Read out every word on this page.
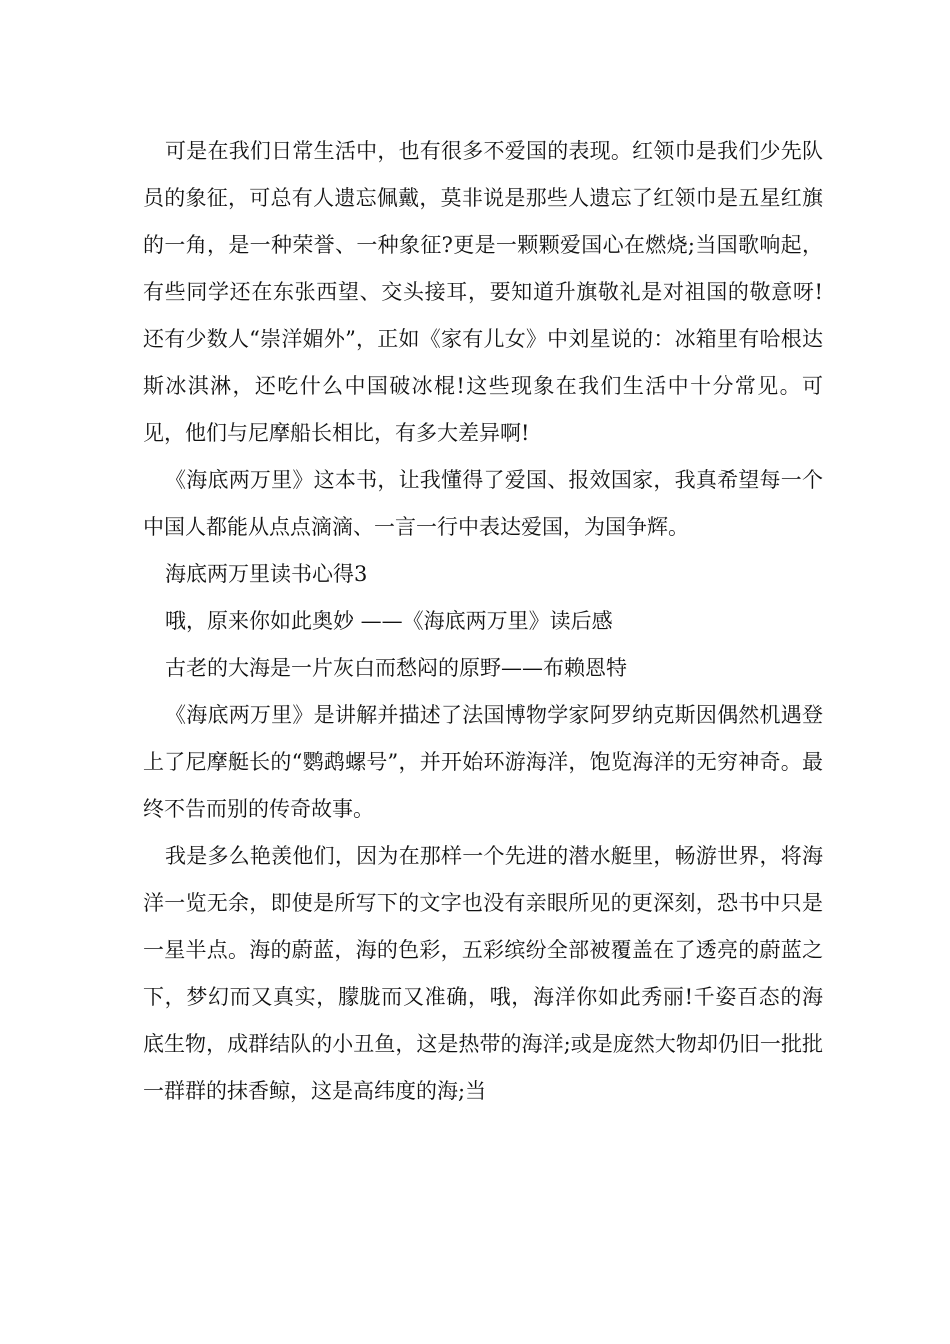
可是在我们日常生活中，也有很多不爱国的表现。红领巾是我们少先队员的象征，可总有人遗忘佩戴，莫非说是那些人遗忘了红领巾是五星红旗的一角，是一种荣誉、一种象征?更是一颗颗爱国心在燃烧;当国歌响起，有些同学还在东张西望、交头接耳，要知道升旗敬礼是对祖国的敬意呀!还有少数人“崇洋媚外”，正如《家有儿女》中刘星说的：冰箱里有哈根达斯冰淇淋，还吃什么中国破冰棍!这些现象在我们生活中十分常见。可见，他们与尼摩船长相比，有多大差异啊!

《海底两万里》这本书，让我懂得了爱国、报效国家，我真希望每一个中国人都能从点点滴滴、一言一行中表达爱国，为国争辉。

海底两万里读书心得3

哦，原来你如此奥妙 ——《海底两万里》读后感

古老的大海是一片灰白而愁闷的原野——布赖恩特

《海底两万里》是讲解并描述了法国博物学家阿罗纳克斯因偶然机遇登上了尼摩艇长的“鹦鹉螺号”，并开始环游海洋，饱览海洋的无穷神奇。最终不告而别的传奇故事。

我是多么艳羡他们，因为在那样一个先进的潜水艇里，畅游世界，将海洋一览无余，即使是所写下的文字也没有亲眼所见的更深刻，恐书中只是一星半点。海的蔚蓝，海的色彩，五彩缤纷全部被覆盖在了透亮的蔚蓝之下，梦幻而又真实，朦胧而又准确，哦，海洋你如此秀丽!千姿百态的海底生物，成群结队的小丑鱼，这是热带的海洋;或是庞然大物却仍旧一批批一群群的抹香鲸，这是高纬度的海;当
